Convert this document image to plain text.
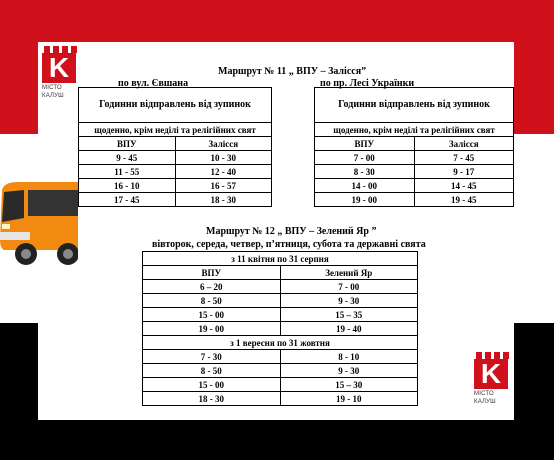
K
МІСТО
КАЛУШ
K
МІСТО
КАЛУШ
Маршрут № 11 „ ВПУ – Залісся”
по вул. Євшана	по пр. Лесі Українки
Годинни відправлень від зупинок	
щоденно, крім неділі та релігійних свят	
ВПУ	Залісся
9 - 45	10 - 30
11 - 55	12 - 40
16 - 10	16 - 57
17 - 45	18 - 30
Годинни відправлень від зупинок	
щоденно, крім неділі та релігійних свят	
ВПУ	Залісся
7 - 00	7 - 45
8 - 30	9 - 17
14 - 00	14 - 45
19 - 00	19 - 45
Маршрут № 12 „ ВПУ – Зелений Яр ”
вівторок, середа, четвер, п’ятниця, субота та державні свята
з 11 квітня по 31 серпня	
ВПУ	Зелений Яр
6 – 20	7 - 00
8 - 50	9 - 30
15 - 00	15 – 35
19 - 00	19 - 40
з 1 вересня по 31 жовтня	
7 - 30	8 - 10
8 - 50	9 - 30
15 - 00	15 – 30
18 - 30	19 - 10
